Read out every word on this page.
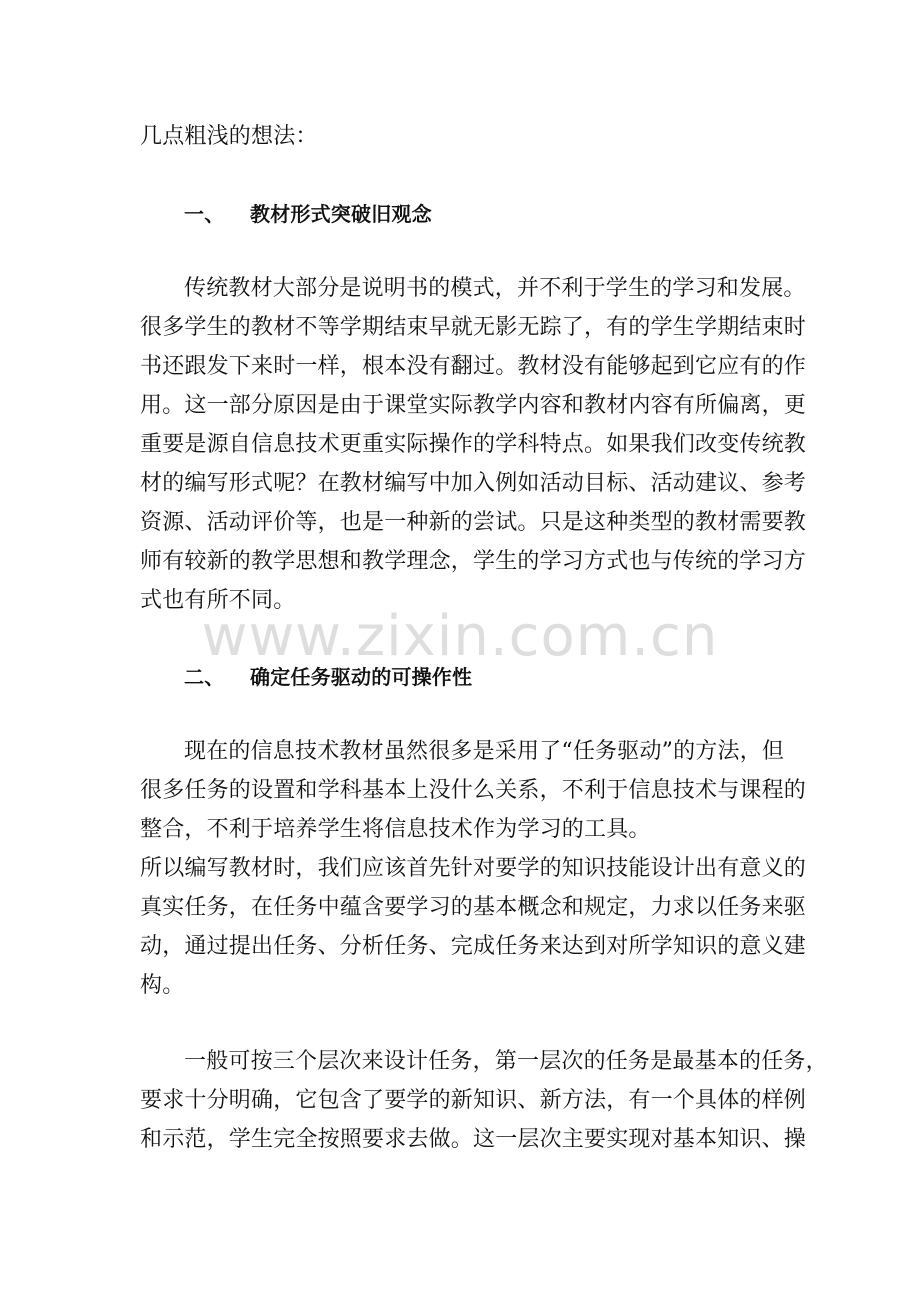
几点粗浅的想法：
一、 教材形式突破旧观念
传统教材大部分是说明书的模式，并不利于学生的学习和发展。
很多学生的教材不等学期结束早就无影无踪了，有的学生学期结束时
书还跟发下来时一样，根本没有翻过。教材没有能够起到它应有的作
用。这一部分原因是由于课堂实际教学内容和教材内容有所偏离，更
重要是源自信息技术更重实际操作的学科特点。如果我们改变传统教
材的编写形式呢？在教材编写中加入例如活动目标、活动建议、参考
资源、活动评价等，也是一种新的尝试。只是这种类型的教材需要教
师有较新的教学思想和教学理念，学生的学习方式也与传统的学习方
式也有所不同。
www.zixin.com.cn
二、 确定任务驱动的可操作性
现在的信息技术教材虽然很多是采用了“任务驱动”的方法，但
很多任务的设置和学科基本上没什么关系，不利于信息技术与课程的
整合，不利于培养学生将信息技术作为学习的工具。
所以编写教材时，我们应该首先针对要学的知识技能设计出有意义的
真实任务，在任务中蕴含要学习的基本概念和规定，力求以任务来驱
动，通过提出任务、分析任务、完成任务来达到对所学知识的意义建
构。
一般可按三个层次来设计任务，第一层次的任务是最基本的任务，
要求十分明确，它包含了要学的新知识、新方法，有一个具体的样例
和示范，学生完全按照要求去做。这一层次主要实现对基本知识、操
